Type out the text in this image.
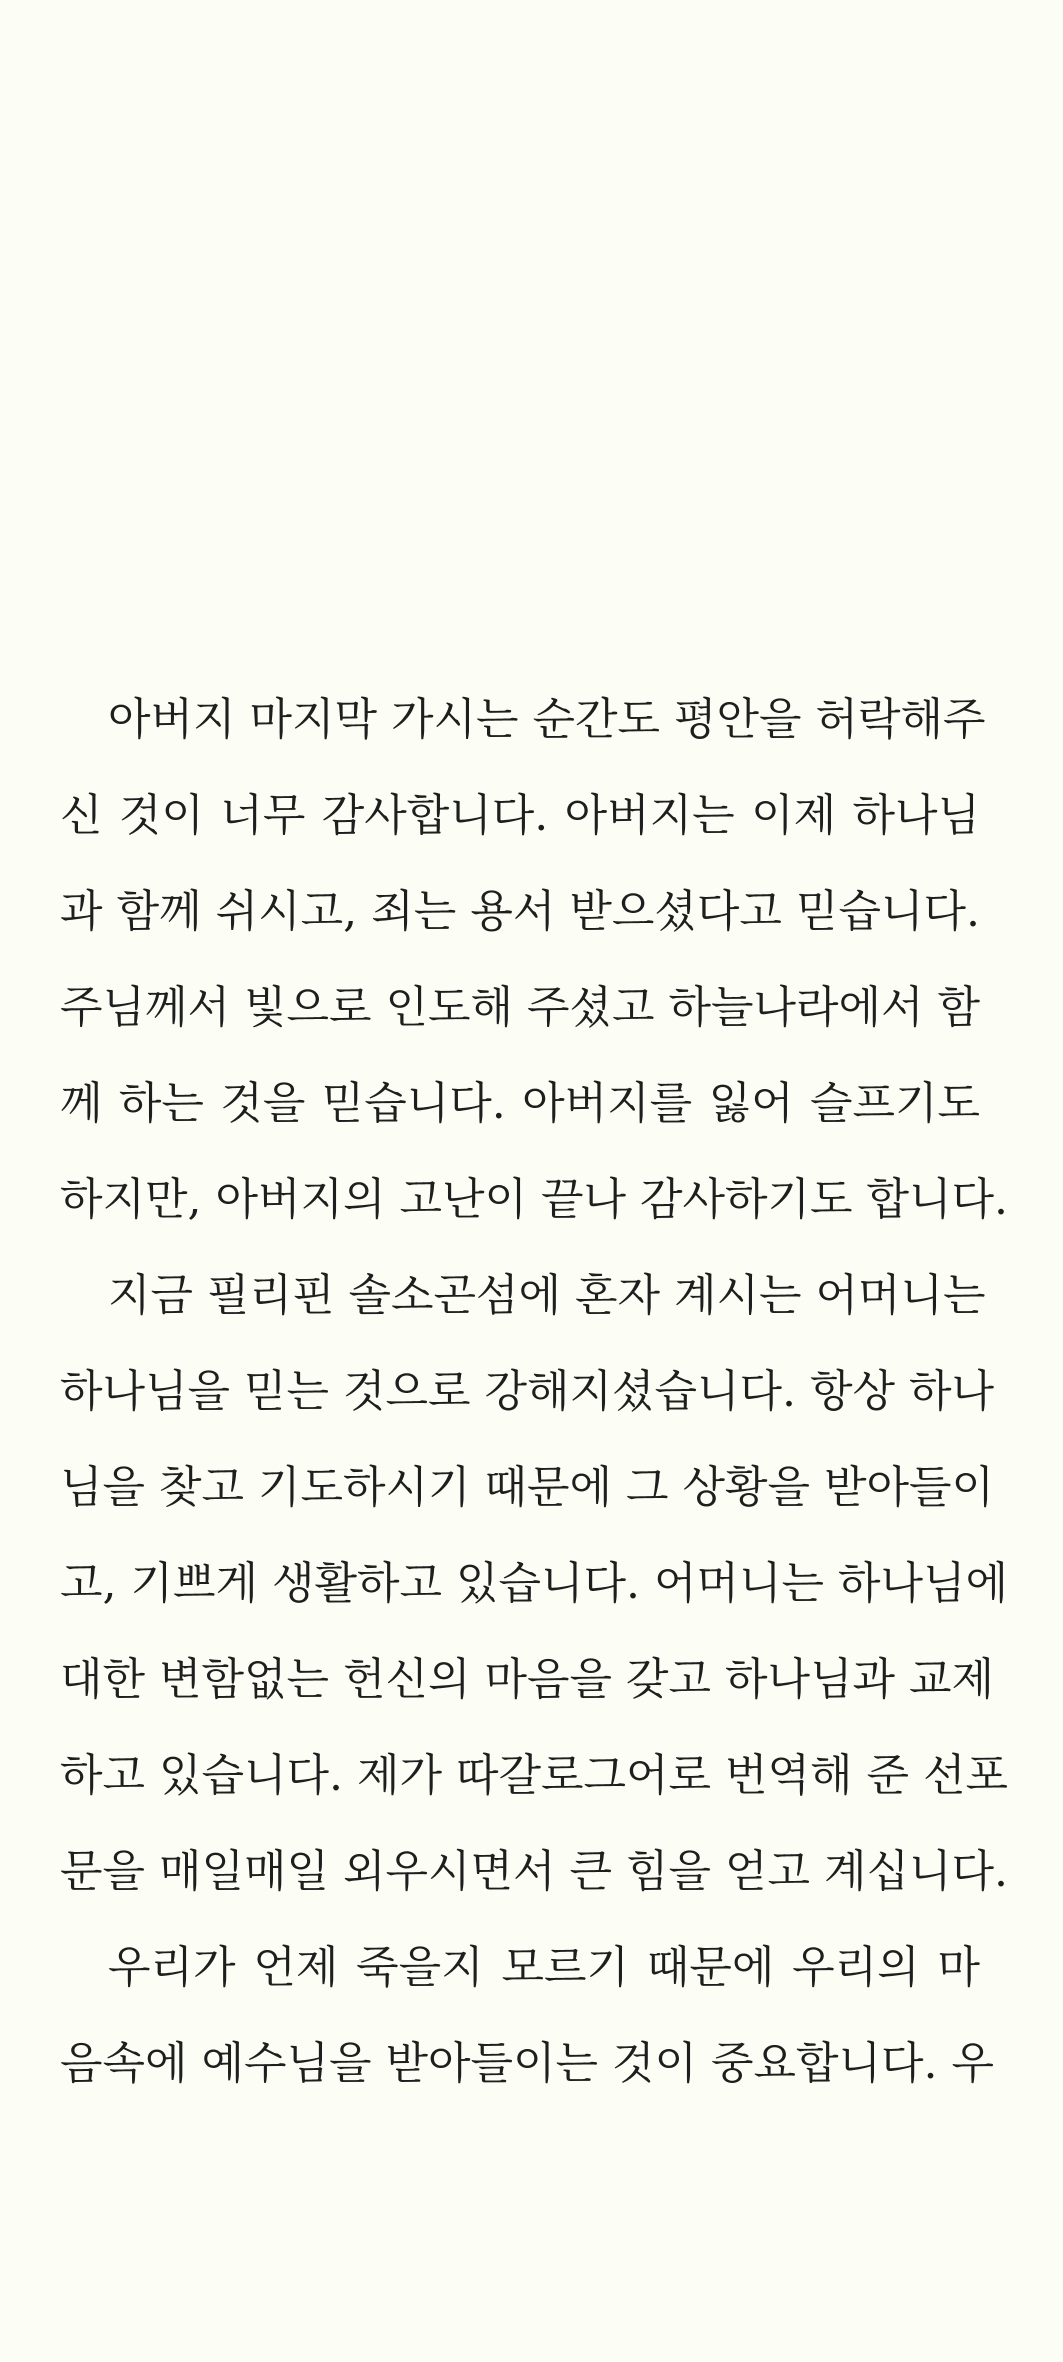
아버지 마지막 가시는 순간도 평안을 허락해주
신 것이 너무 감사합니다. 아버지는 이제 하나님
과 함께 쉬시고, 죄는 용서 받으셨다고 믿습니다.
주님께서 빛으로 인도해 주셨고 하늘나라에서 함
께 하는 것을 믿습니다. 아버지를 잃어 슬프기도
하지만, 아버지의 고난이 끝나 감사하기도 합니다.
지금 필리핀 솔소곤섬에 혼자 계시는 어머니는
하나님을 믿는 것으로 강해지셨습니다. 항상 하나
님을 찾고 기도하시기 때문에 그 상황을 받아들이
고, 기쁘게 생활하고 있습니다. 어머니는 하나님에
대한 변함없는 헌신의 마음을 갖고 하나님과 교제
하고 있습니다. 제가 따갈로그어로 번역해 준 선포
문을 매일매일 외우시면서 큰 힘을 얻고 계십니다.
우리가 언제 죽을지 모르기 때문에 우리의 마
음속에 예수님을 받아들이는 것이 중요합니다. 우
